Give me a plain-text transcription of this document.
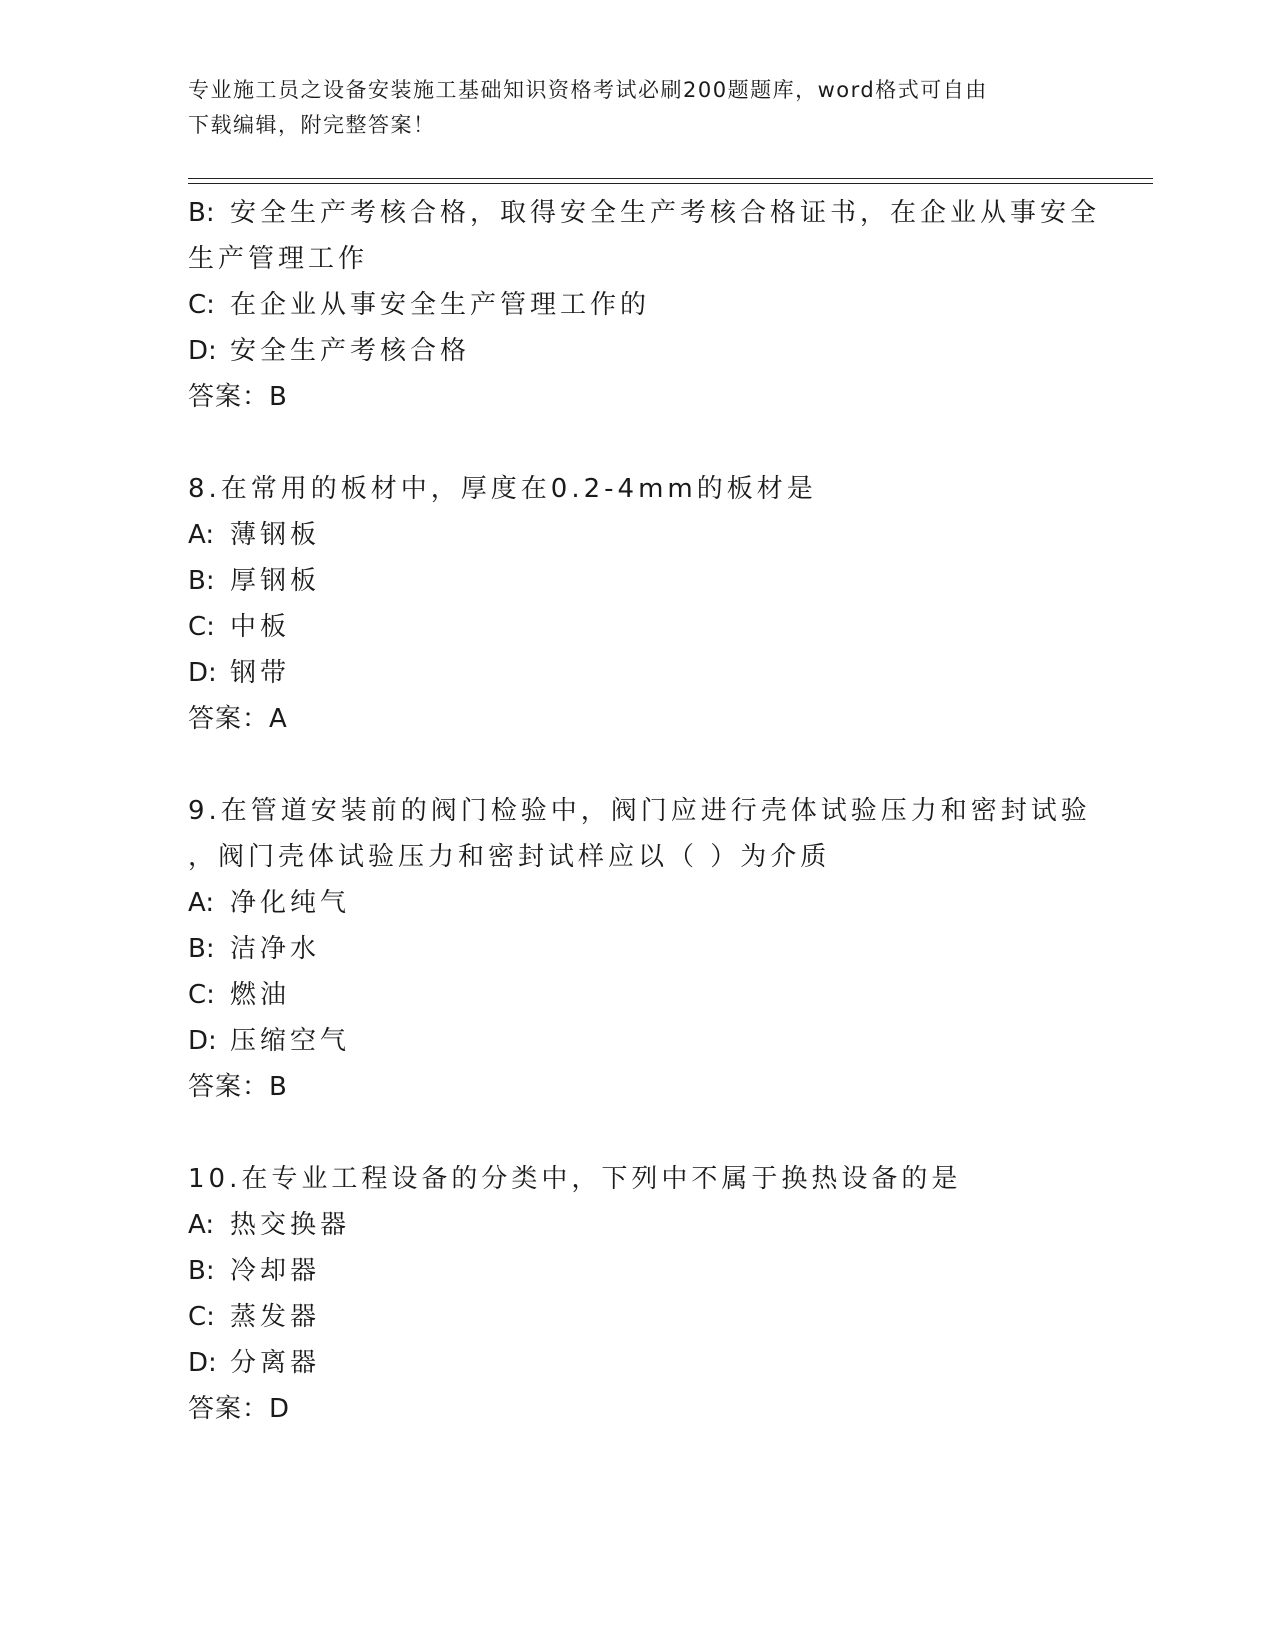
专业施工员之设备安装施工基础知识资格考试必刷200题题库，word格式可自由
下载编辑，附完整答案！
B: 安全生产考核合格，取得安全生产考核合格证书，在企业从事安全
生产管理工作
C: 在企业从事安全生产管理工作的
D: 安全生产考核合格
答案：B
8.在常用的板材中，厚度在0.2-4mm的板材是
A: 薄钢板
B: 厚钢板
C: 中板
D: 钢带
答案：A
9.在管道安装前的阀门检验中，阀门应进行壳体试验压力和密封试验
，阀门壳体试验压力和密封试样应以（ ）为介质
A: 净化纯气
B: 洁净水
C: 燃油
D: 压缩空气
答案：B
10.在专业工程设备的分类中，下列中不属于换热设备的是
A: 热交换器
B: 冷却器
C: 蒸发器
D: 分离器
答案：D
